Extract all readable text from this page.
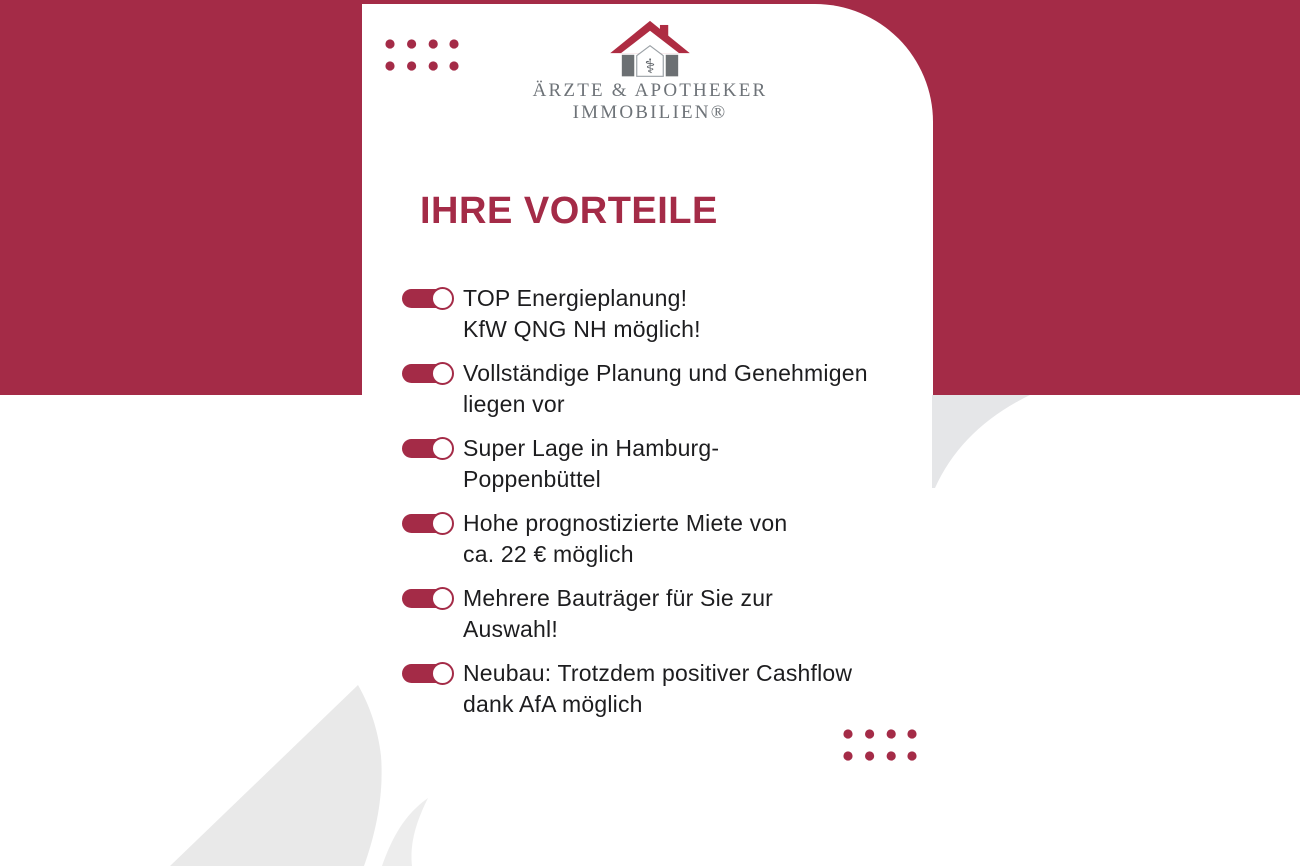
⚕
ÄRZTE & APOTHEKER
IMMOBILIEN®
IHRE VORTEILE
TOP Energieplanung!
KfW QNG NH möglich!
Vollständige Planung und Genehmigen
liegen vor
Super Lage in Hamburg-
Poppenbüttel
Hohe prognostizierte Miete von
ca. 22 € möglich
Mehrere Bauträger für Sie zur
Auswahl!
Neubau: Trotzdem positiver Cashflow
dank AfA möglich
